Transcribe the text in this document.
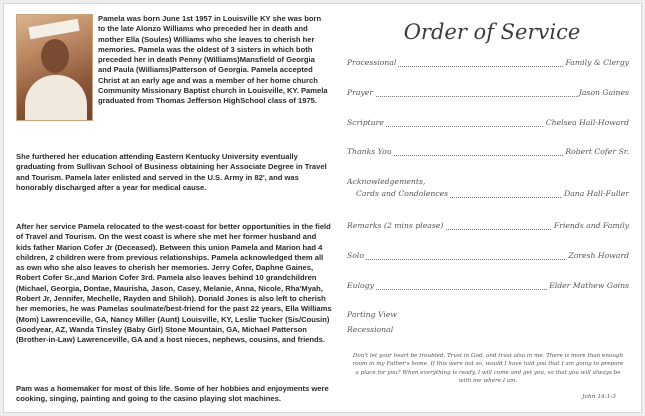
Pamela was born June 1st 1957 in Louisville KY she was born to the late Alonzo Williams who preceded her in death and mother Ella (Soules) Williams who she leaves to cherish her memories. Pamela was the oldest of 3 sisters in which both preceded her in death Penny (Williams)Mansfield of Georgia and Paula (Williams)Patterson of Georgia. Pamela accepted Christ at an early age and was a member of her home church Community Missionary Baptist church in Louisville, KY. Pamela graduated from Thomas Jefferson HighSchool class of 1975.
She furthered her education attending Eastern Kentucky University eventually graduating from Sullivan School of Business obtaining her Associate Degree in Travel and Tourism. Pamela later enlisted and served in the U.S. Army in 82', and was honorably discharged after a year for medical cause.
After her service Pamela relocated to the west-coast for better opportunities in the field of Travel and Tourism. On the west coast is where she met her former husband and kids father Marion Cofer Jr (Deceased). Between this union Pamela and Marion had 4 children, 2 children were from previous relationships. Pamela acknowledged them all as own who she also leaves to cherish her memories. Jerry Cofer, Daphne Gaines, Robert Cofer Sr.,and Marion Cofer 3rd. Pamela also leaves behind 10 grandchildren (Michael, Georgia, Dontae, Maurisha, Jason, Casey, Melanie, Anna, Nicole, Rha'Myah, Robert Jr, Jennifer, Mechelle, Rayden and Shiloh). Donald Jones is also left to cherish her memories, he was Pamelas soulmate/best-friend for the past 22 years, Ella Williams (Mom) Lawrenceville, GA, Nancy Miller (Aunt) Louisville, KY, Leslie Tucker (Sis/Cousin) Goodyear, AZ, Wanda Tinsley (Baby Girl) Stone Mountain, GA, Michael Patterson (Brother-in-Law) Lawrenceville, GA and a host nieces, nephews, cousins, and friends.
Pam was a homemaker for most of this life. Some of her hobbies and enjoyments were cooking, singing, painting and going to the casino playing slot machines.
Order of Service
Processional	Family & Clergy
Prayer	Jason Gaines
Scripture	Chelsea Hall-Howard
Thanks You	Robert Cofer Sr.
Acknowledgements,
Cards and Condolences	Dana Hall-Fuller
Remarks (2 mins please)	Friends and Family
Solo	Zoresh Howard
Eulogy	Elder Mathew Goins
Parting View
Recessional
Don't let your heart be troubled. Trust in God, and trust also in me. There is more than enough room in my Father's home. If this were not so, would I have told you that I am going to prepare a place for you? When everything is ready, I will come and get you, so that you will always be with me where I am.
John 14:1-3
